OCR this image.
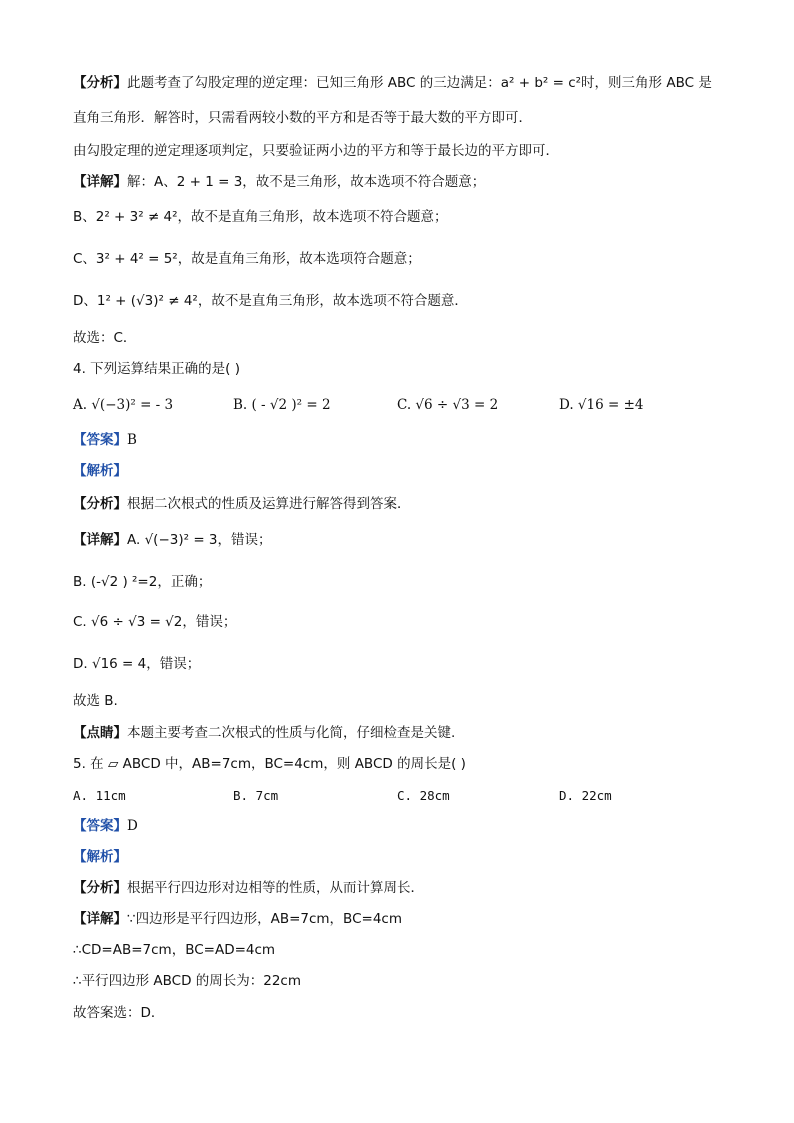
【分析】此题考查了勾股定理的逆定理：已知三角形 ABC 的三边满足：a² + b² = c²时，则三角形 ABC 是
直角三角形．解答时，只需看两较小数的平方和是否等于最大数的平方即可．
由勾股定理的逆定理逐项判定，只要验证两小边的平方和等于最长边的平方即可．
【详解】解：A、2 + 1 = 3，故不是三角形，故本选项不符合题意；
B、2² + 3² ≠ 4²，故不是直角三角形，故本选项不符合题意；
C、3² + 4² = 5²，故是直角三角形，故本选项符合题意；
D、1² + (√3)² ≠ 4²，故不是直角三角形，故本选项不符合题意．
故选：C．
4. 下列运算结果正确的是( )
A. √(−3)² = - 3	B. ( - √2 )² = 2	C. √6 ÷ √3 = 2	D. √16 = ±4
【答案】B
【解析】
【分析】根据二次根式的性质及运算进行解答得到答案．
【详解】A. √(−3)² = 3，错误；
B. (-√2 ) ²=2，正确；
C. √6 ÷ √3 = √2，错误；
D. √16 = 4，错误；
故选 B.
【点睛】本题主要考查二次根式的性质与化简，仔细检查是关键.
5. 在 ▱ ABCD 中，AB=7cm，BC=4cm，则 ABCD 的周长是( )
A. 11cm	B. 7cm	C. 28cm	D. 22cm
【答案】D
【解析】
【分析】根据平行四边形对边相等的性质，从而计算周长．
【详解】∵四边形是平行四边形，AB=7cm，BC=4cm
∴CD=AB=7cm，BC=AD=4cm
∴平行四边形 ABCD 的周长为：22cm
故答案选：D．
